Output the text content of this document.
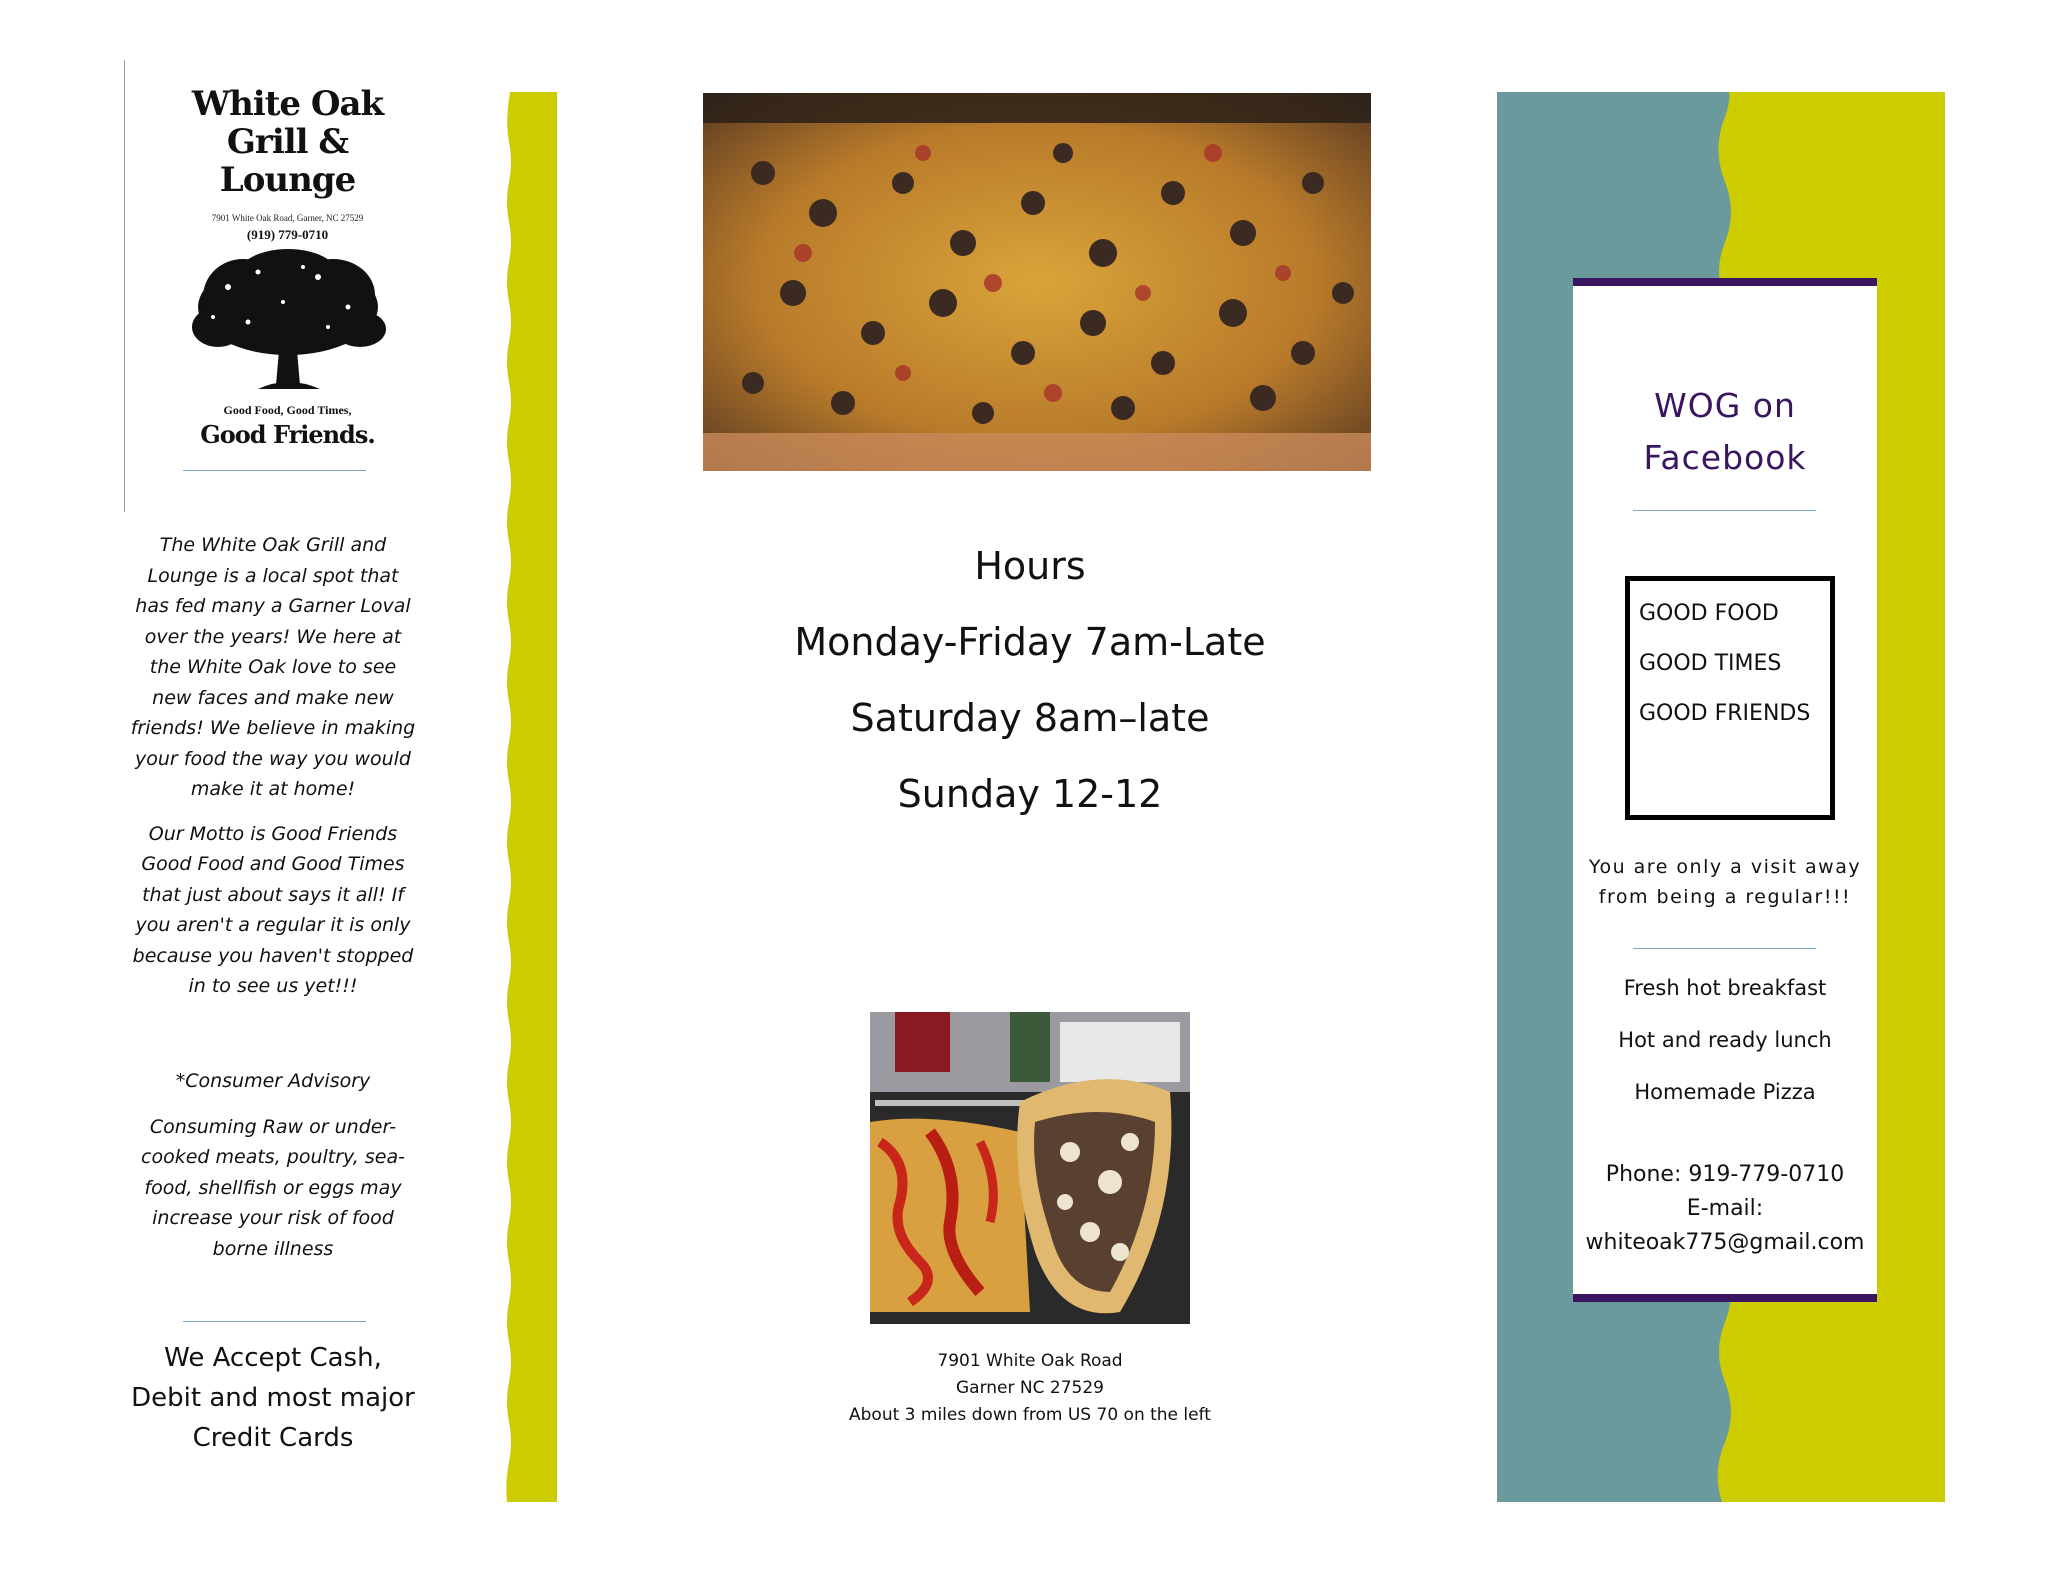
White Oak
Grill & Lounge
7901 White Oak Road, Garner, NC 27529
(919) 779-0710
Good Food, Good Times,
Good Friends.

The White Oak Grill and Lounge is a local spot that has fed many a Garner Loval over the years! We here at the White Oak love to see new faces and make new friends! We believe in making your food the way you would make it at home!

Our Motto is Good Friends Good Food and Good Times that just about says it all! If you aren't a regular it is only because you haven't stopped in to see us yet!!!

*Consumer Advisory

Consuming Raw or under-cooked meats, poultry, sea-food, shellfish or eggs may increase your risk of food borne illness

We Accept Cash, Debit and most major Credit Cards
Hours
Monday-Friday 7am-Late
Saturday 8am–late
Sunday 12-12
7901 White Oak Road
Garner NC 27529
About 3 miles down from US 70 on the left
WOG on
Facebook
GOOD FOOD
GOOD TIMES
GOOD FRIENDS
You are only a visit away from being a regular!!!
Fresh hot breakfast
Hot and ready lunch
Homemade Pizza
Phone: 919-779-0710
E-mail:
whiteoak775@gmail.com
